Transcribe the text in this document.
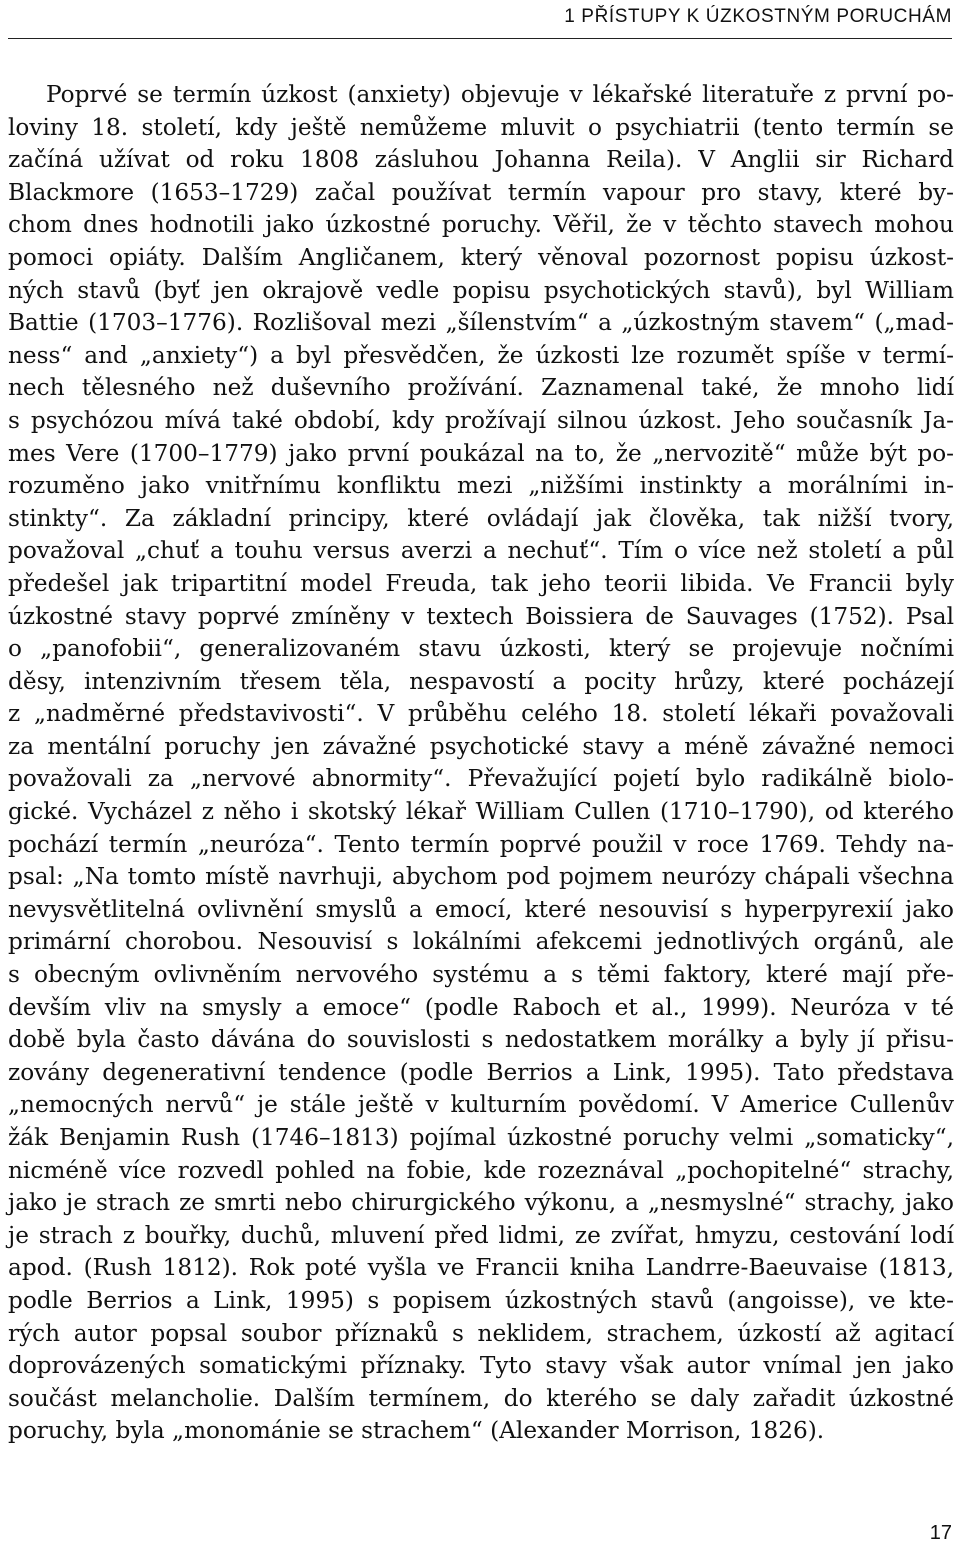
1 PŘÍSTUPY K ÚZKOSTNÝM PORUCHÁM
Poprvé se termín úzkost (anxiety) objevuje v lékařské literatuře z první po-
loviny 18. století, kdy ještě nemůžeme mluvit o psychiatrii (tento termín se
začíná užívat od roku 1808 zásluhou Johanna Reila). V Anglii sir Richard
Blackmore (1653–1729) začal používat termín vapour pro stavy, které by-
chom dnes hodnotili jako úzkostné poruchy. Věřil, že v těchto stavech mohou
pomoci opiáty. Dalším Angličanem, který věnoval pozornost popisu úzkost-
ných stavů (byť jen okrajově vedle popisu psychotických stavů), byl William
Battie (1703–1776). Rozlišoval mezi „šílenstvím“ a „úzkostným stavem“ („mad-
ness“ and „anxiety“) a byl přesvědčen, že úzkosti lze rozumět spíše v termí-
nech tělesného než duševního prožívání. Zaznamenal také, že mnoho lidí
s psychózou mívá také období, kdy prožívají silnou úzkost. Jeho současník Ja-
mes Vere (1700–1779) jako první poukázal na to, že „nervozitě“ může být po-
rozuměno jako vnitřnímu konfliktu mezi „nižšími instinkty a morálními in-
stinkty“. Za základní principy, které ovládají jak člověka, tak nižší tvory,
považoval „chuť a touhu versus averzi a nechuť“. Tím o více než století a půl
předešel jak tripartitní model Freuda, tak jeho teorii libida. Ve Francii byly
úzkostné stavy poprvé zmíněny v textech Boissiera de Sauvages (1752). Psal
o „panofobii“, generalizovaném stavu úzkosti, který se projevuje nočními
děsy, intenzivním třesem těla, nespavostí a pocity hrůzy, které pocházejí
z „nadměrné představivosti“. V průběhu celého 18. století lékaři považovali
za mentální poruchy jen závažné psychotické stavy a méně závažné nemoci
považovali za „nervové abnormity“. Převažující pojetí bylo radikálně biolo-
gické. Vycházel z něho i skotský lékař William Cullen (1710–1790), od kterého
pochází termín „neuróza“. Tento termín poprvé použil v roce 1769. Tehdy na-
psal: „Na tomto místě navrhuji, abychom pod pojmem neurózy chápali všechna
nevysvětlitelná ovlivnění smyslů a emocí, které nesouvisí s hyperpyrexií jako
primární chorobou. Nesouvisí s lokálními afekcemi jednotlivých orgánů, ale
s obecným ovlivněním nervového systému a s těmi faktory, které mají pře-
devším vliv na smysly a emoce“ (podle Raboch et al., 1999). Neuróza v té
době byla často dávána do souvislosti s nedostatkem morálky a byly jí přisu-
zovány degenerativní tendence (podle Berrios a Link, 1995). Tato představa
„nemocných nervů“ je stále ještě v kulturním povědomí. V Americe Cullenův
žák Benjamin Rush (1746–1813) pojímal úzkostné poruchy velmi „somaticky“,
nicméně více rozvedl pohled na fobie, kde rozeznával „pochopitelné“ strachy,
jako je strach ze smrti nebo chirurgického výkonu, a „nesmyslné“ strachy, jako
je strach z bouřky, duchů, mluvení před lidmi, ze zvířat, hmyzu, cestování lodí
apod. (Rush 1812). Rok poté vyšla ve Francii kniha Landrre-Baeuvaise (1813,
podle Berrios a Link, 1995) s popisem úzkostných stavů (angoisse), ve kte-
rých autor popsal soubor příznaků s neklidem, strachem, úzkostí až agitací
doprovázených somatickými příznaky. Tyto stavy však autor vnímal jen jako
součást melancholie. Dalším termínem, do kterého se daly zařadit úzkostné
poruchy, byla „monománie se strachem“ (Alexander Morrison, 1826).
17
